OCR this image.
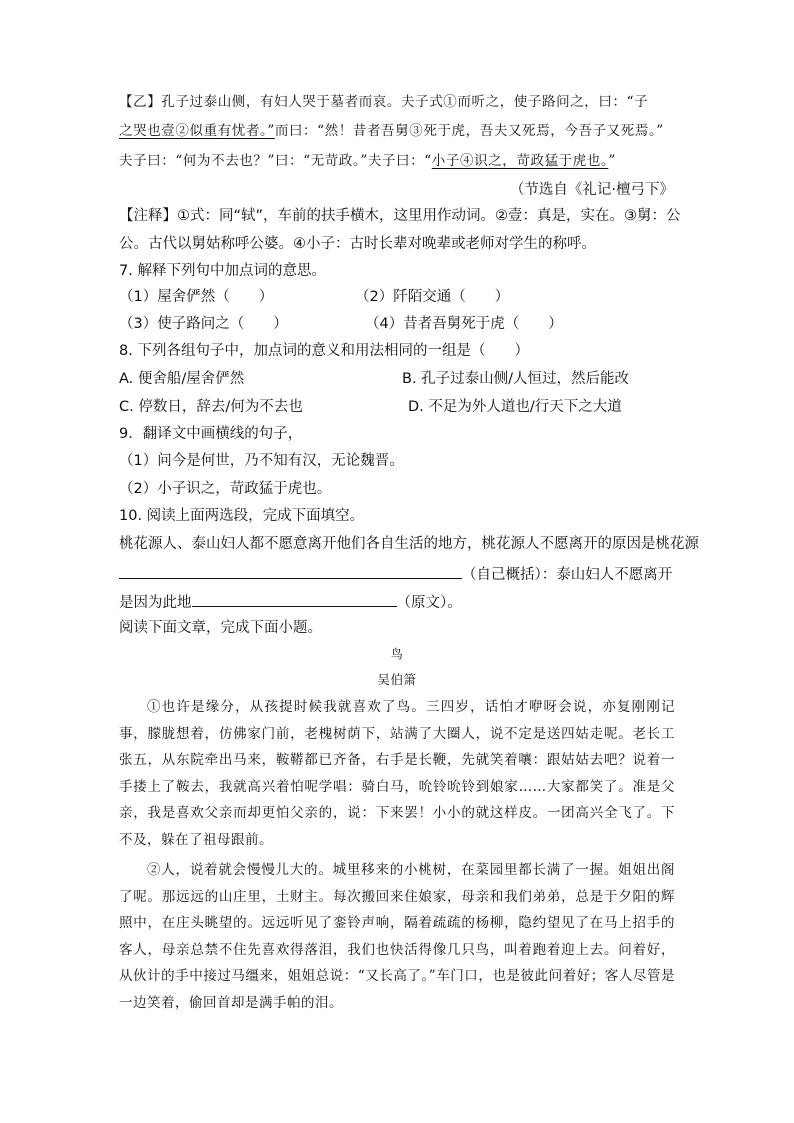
【乙】孔子过泰山侧，有妇人哭于墓者而哀。夫子式①而听之，使子路问之，曰：“子
之哭也壹②似重有忧者。”而曰：“然！昔者吾舅③死于虎，吾夫又死焉，今吾子又死焉。”
夫子曰：“何为不去也？”曰：“无苛政。”夫子曰：“小子④识之，苛政猛于虎也。”
（节选自《礼记·檀弓下》
【注释】①式：同“轼”，车前的扶手横木，这里用作动词。②壹：真是，实在。③舅：公
公。古代以舅姑称呼公婆。④小子：古时长辈对晚辈或老师对学生的称呼。
7. 解释下列句中加点词的意思。
（1）屋舍俨然（　　）	（2）阡陌交通（　　）
（3）使子路问之（　　）	（4）昔者吾舅死于虎（　　）
8. 下列各组句子中，加点词的意义和用法相同的一组是（　　）
A. 便舍船/屋舍俨然	B. 孔子过泰山侧/人恒过，然后能改
C. 停数日，辞去/何为不去也	D. 不足为外人道也/行天下之大道
9．翻译文中画横线的句子，
（1）问今是何世，乃不知有汉，无论魏晋。
（2）小子识之，苛政猛于虎也。
10. 阅读上面两选段，完成下面填空。
桃花源人、泰山妇人都不愿意离开他们各自生活的地方，桃花源人不愿离开的原因是桃花源
（自己概括）：泰山妇人不愿离开
是因为此地	（原文）。
阅读下面文章，完成下面小题。
鸟
吴伯箫
①也许是缘分，从孩提时候我就喜欢了鸟。三四岁，话怕才咿呀会说，亦复刚刚记事，朦胧想着，仿佛家门前，老槐树荫下，站满了大圈人，说不定是送四姑走呢。老长工张五，从东院牵出马来，鞍鞯都已齐备，右手是长鞭，先就笑着嚷：跟姑姑去吧？说着一手搂上了鞍去，我就高兴着怕呢学唱：骑白马，吮铃吮铃到娘家……大家都笑了。准是父亲，我是喜欢父亲而却更怕父亲的，说：下来罢！小小的就这样皮。一团高兴全飞了。下不及，躲在了祖母跟前。
②人，说着就会慢慢儿大的。城里移来的小桃树，在菜园里都长满了一握。姐姐出阁了呢。那远远的山庄里，土财主。每次搬回来住娘家，母亲和我们弟弟，总是于夕阳的辉照中，在庄头眺望的。远远听见了銮铃声响，隔着疏疏的杨柳，隐约望见了在马上招手的客人，母亲总禁不住先喜欢得落泪，我们也快活得像几只鸟，叫着跑着迎上去。问着好，从伙计的手中接过马缰来，姐姐总说：“又长高了。”车门口，也是彼此问着好；客人尽管是一边笑着，偷回首却是满手帕的泪。
